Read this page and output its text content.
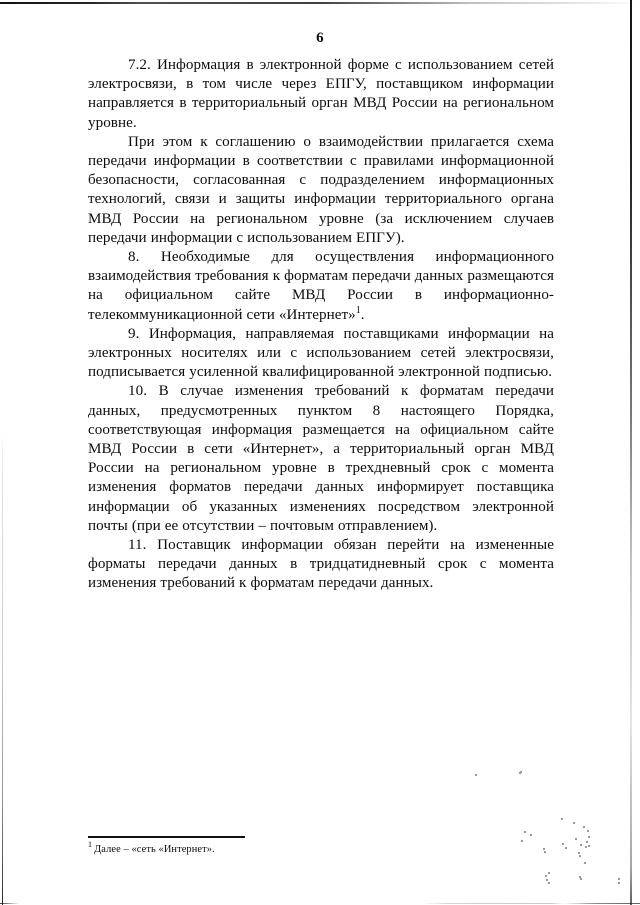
6

7.2. Информация в электронной форме с использованием сетей электросвязи, в том числе через ЕПГУ, поставщиком информации направляется в территориальный орган МВД России на региональном уровне.

При этом к соглашению о взаимодействии прилагается схема передачи информации в соответствии с правилами информационной безопасности, согласованная с подразделением информационных технологий, связи и защиты информации территориального органа МВД России на региональном уровне (за исключением случаев передачи информации с использованием ЕПГУ).

8. Необходимые для осуществления информационного взаимодействия требования к форматам передачи данных размещаются на официальном сайте МВД России в информационно-телекоммуникационной сети «Интернет»$^1$.

9. Информация, направляемая поставщиками информации на электронных носителях или с использованием сетей электросвязи, подписывается усиленной квалифицированной электронной подписью.

10. В случае изменения требований к форматам передачи данных, предусмотренных пунктом 8 настоящего Порядка, соответствующая информация размещается на официальном сайте МВД России в сети «Интернет», а территориальный орган МВД России на региональном уровне в трехдневный срок с момента изменения форматов передачи данных информирует поставщика информации об указанных изменениях посредством электронной почты (при ее отсутствии – почтовым отправлением).

11. Поставщик информации обязан перейти на измененные форматы передачи данных в тридцатидневный срок с момента изменения требований к форматам передачи данных.

$^1$ Далее – «сеть «Интернет».
